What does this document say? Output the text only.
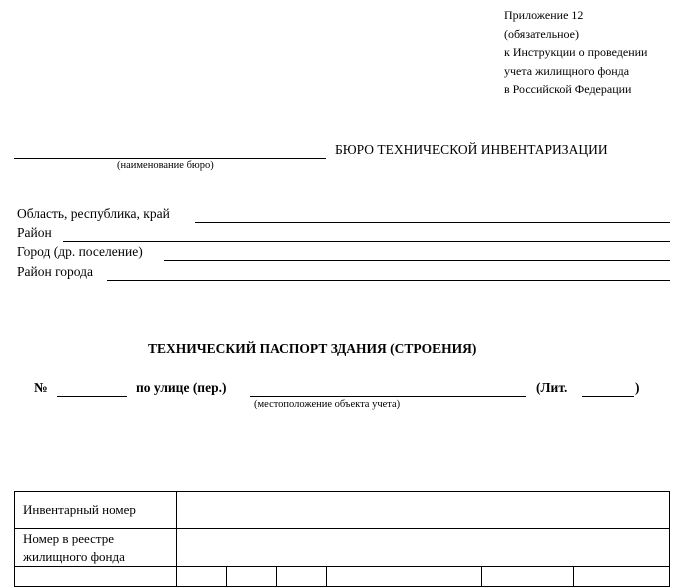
Приложение 12
(обязательное)
к Инструкции о проведении
учета жилищного фонда
в Российской Федерации
БЮРО ТЕХНИЧЕСКОЙ ИНВЕНТАРИЗАЦИИ
(наименование бюро)
Область, республика, край
Район
Город (др. поселение)
Район города
ТЕХНИЧЕСКИЙ ПАСПОРТ ЗДАНИЯ (СТРОЕНИЯ)
№	по улице (пер.)	(Лит.	)
(местоположение объекта учета)
Инвентарный номер						
Номер в реестре жилищного фонда						
